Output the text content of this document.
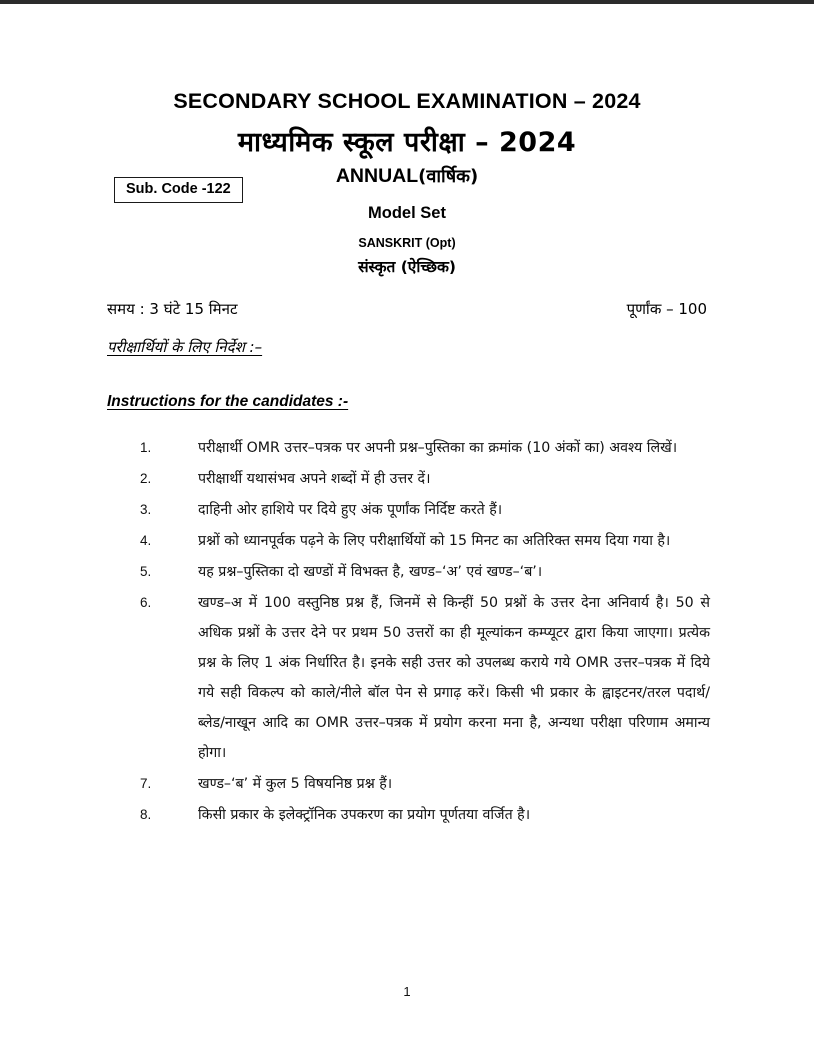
SECONDARY SCHOOL EXAMINATION – 2024
माध्यमिक स्कूल परीक्षा – 2024
ANNUAL(वार्षिक)
Model Set
SANSKRIT (Opt)
संस्कृत (ऐच्छिक)
Sub. Code -122
समय : 3 घंटे 15 मिनट	पूर्णांक – 100
परीक्षार्थियों के लिए निर्देश :–
Instructions for the candidates :-
1.	परीक्षार्थी OMR उत्तर–पत्रक पर अपनी प्रश्न–पुस्तिका का क्रमांक (10 अंकों का) अवश्य लिखें।
2.	परीक्षार्थी यथासंभव अपने शब्दों में ही उत्तर दें।
3.	दाहिनी ओर हाशिये पर दिये हुए अंक पूर्णांक निर्दिष्ट करते हैं।
4.	प्रश्नों को ध्यानपूर्वक पढ़ने के लिए परीक्षार्थियों को 15 मिनट का अतिरिक्त समय दिया गया है।
5.	यह प्रश्न–पुस्तिका दो खण्डों में विभक्त है, खण्ड–‘अ’ एवं खण्ड–‘ब’।
6.	खण्ड–अ में 100 वस्तुनिष्ठ प्रश्न हैं, जिनमें से किन्हीं 50 प्रश्नों के उत्तर देना अनिवार्य है। 50 से अधिक प्रश्नों के उत्तर देने पर प्रथम 50 उत्तरों का ही मूल्यांकन कम्प्यूटर द्वारा किया जाएगा। प्रत्येक प्रश्न के लिए 1 अंक निर्धारित है। इनके सही उत्तर को उपलब्ध कराये गये OMR उत्तर–पत्रक में दिये गये सही विकल्प को काले/नीले बॉल पेन से प्रगाढ़ करें। किसी भी प्रकार के ह्वाइटनर/तरल पदार्थ/ब्लेड/नाखून आदि का OMR उत्तर–पत्रक में प्रयोग करना मना है, अन्यथा परीक्षा परिणाम अमान्य होगा।
7.	खण्ड–‘ब’ में कुल 5 विषयनिष्ठ प्रश्न हैं।
8.	किसी प्रकार के इलेक्ट्रॉनिक उपकरण का प्रयोग पूर्णतया वर्जित है।
1
